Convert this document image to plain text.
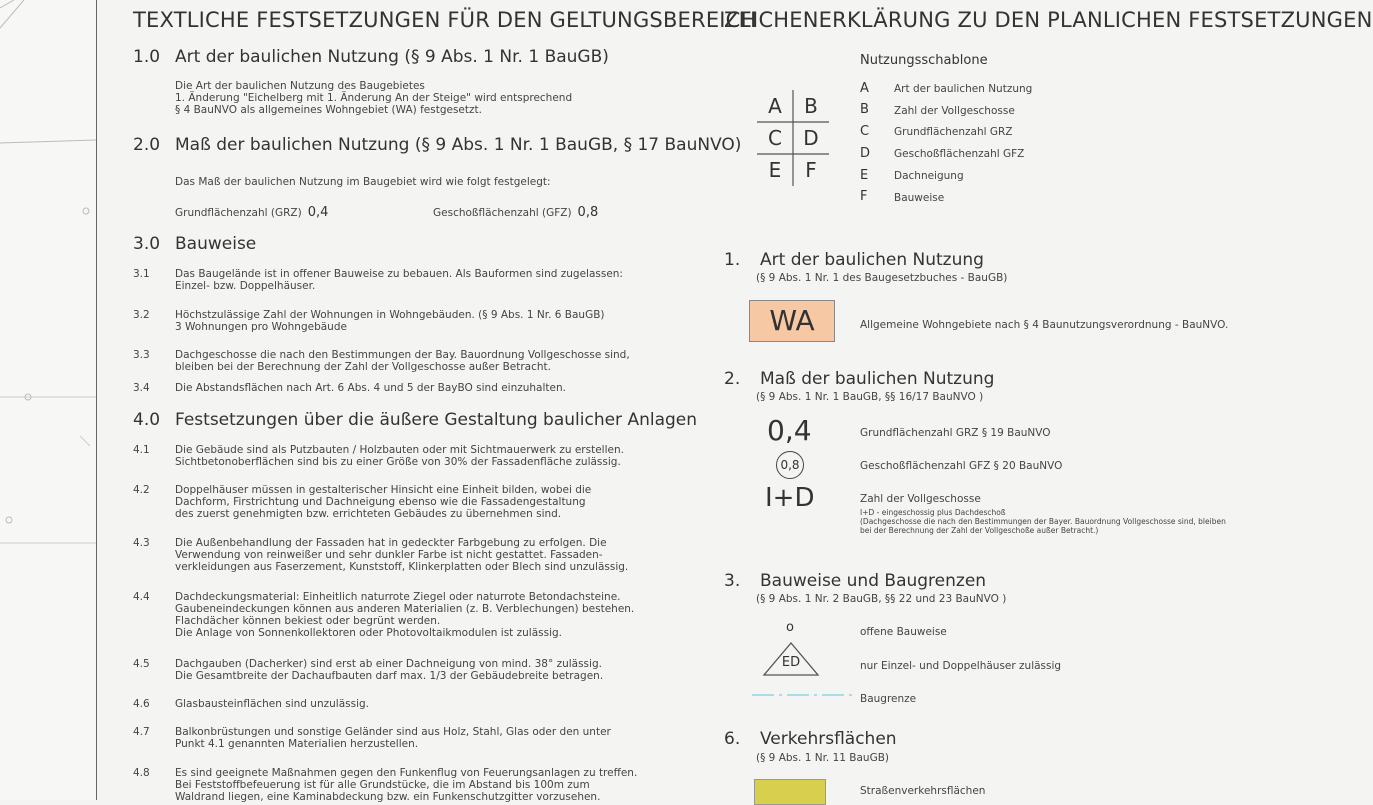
TEXTLICHE FESTSETZUNGEN FÜR DEN GELTUNGSBEREICH
1.0 Art der baulichen Nutzung (§ 9 Abs. 1 Nr. 1 BauGB)
Die Art der baulichen Nutzung des Baugebietes
1. Änderung "Eichelberg mit 1. Änderung An der Steige" wird entsprechend
§ 4 BauNVO als allgemeines Wohngebiet (WA) festgesetzt.
2.0 Maß der baulichen Nutzung (§ 9 Abs. 1 Nr. 1 BauGB, § 17 BauNVO)
Das Maß der baulichen Nutzung im Baugebiet wird wie folgt festgelegt:
Grundflächenzahl (GRZ) 0,4	Geschoßflächenzahl (GFZ) 0,8
3.0 Bauweise
3.1 Das Baugelände ist in offener Bauweise zu bebauen. Als Bauformen sind zugelassen:
Einzel- bzw. Doppelhäuser.
3.2 Höchstzulässige Zahl der Wohnungen in Wohngebäuden. (§ 9 Abs. 1 Nr. 6 BauGB)
3 Wohnungen pro Wohngebäude
3.3 Dachgeschosse die nach den Bestimmungen der Bay. Bauordnung Vollgeschosse sind,
bleiben bei der Berechnung der Zahl der Vollgeschosse außer Betracht.
3.4 Die Abstandsflächen nach Art. 6 Abs. 4 und 5 der BayBO sind einzuhalten.
4.0 Festsetzungen über die äußere Gestaltung baulicher Anlagen
4.1 Die Gebäude sind als Putzbauten / Holzbauten oder mit Sichtmauerwerk zu erstellen.
Sichtbetonoberflächen sind bis zu einer Größe von 30% der Fassadenfläche zulässig.
4.2 Doppelhäuser müssen in gestalterischer Hinsicht eine Einheit bilden, wobei die
Dachform, Firstrichtung und Dachneigung ebenso wie die Fassadengestaltung
des zuerst genehmigten bzw. errichteten Gebäudes zu übernehmen sind.
4.3 Die Außenbehandlung der Fassaden hat in gedeckter Farbgebung zu erfolgen. Die
Verwendung von reinweißer und sehr dunkler Farbe ist nicht gestattet. Fassaden-
verkleidungen aus Faserzement, Kunststoff, Klinkerplatten oder Blech sind unzulässig.
4.4 Dachdeckungsmaterial: Einheitlich naturrote Ziegel oder naturrote Betondachsteine.
Gaubeneindeckungen können aus anderen Materialien (z. B. Verblechungen) bestehen.
Flachdächer können bekiest oder begrünt werden.
Die Anlage von Sonnenkollektoren oder Photovoltaikmodulen ist zulässig.
4.5 Dachgauben (Dacherker) sind erst ab einer Dachneigung von mind. 38° zulässig.
Die Gesamtbreite der Dachaufbauten darf max. 1/3 der Gebäudebreite betragen.
4.6 Glasbausteinflächen sind unzulässig.
4.7 Balkonbrüstungen und sonstige Geländer sind aus Holz, Stahl, Glas oder den unter
Punkt 4.1 genannten Materialien herzustellen.
4.8 Es sind geeignete Maßnahmen gegen den Funkenflug von Feuerungsanlagen zu treffen.
Bei Feststoffbefeuerung ist für alle Grundstücke, die im Abstand bis 100m zum
Waldrand liegen, eine Kaminabdeckung bzw. ein Funkenschutzgitter vorzusehen.
ZEICHENERKLÄRUNG ZU DEN PLANLICHEN FESTSETZUNGEN
Nutzungsschablone
A	B
C	D
E	F
A Art der baulichen Nutzung
B Zahl der Vollgeschosse
C Grundflächenzahl GRZ
D Geschoßflächenzahl GFZ
E Dachneigung
F	Bauweise
1. Art der baulichen Nutzung
(§ 9 Abs. 1 Nr. 1 des Baugesetzbuches - BauGB)
WA	Allgemeine Wohngebiete nach § 4 Baunutzungsverordnung - BauNVO.
2. Maß der baulichen Nutzung
(§ 9 Abs. 1 Nr. 1 BauGB, §§ 16/17 BauNVO )
0,4	Grundflächenzahl GRZ § 19 BauNVO
0,8	Geschoßflächenzahl GFZ § 20 BauNVO
I+D	Zahl der Vollgeschosse
I+D - eingeschossig plus Dachdeschoß
(Dachgeschosse die nach den Bestimmungen der Bayer. Bauordnung Vollgeschosse sind, bleiben
bei der Berechnung der Zahl der Vollgeschoße außer Betracht.)
3. Bauweise und Baugrenzen
(§ 9 Abs. 1 Nr. 2 BauGB, §§ 22 und 23 BauNVO )
o	offene Bauweise
ED	nur Einzel- und Doppelhäuser zulässig
Baugrenze
6. Verkehrsflächen
(§ 9 Abs. 1 Nr. 11 BauGB)
Straßenverkehrsflächen
